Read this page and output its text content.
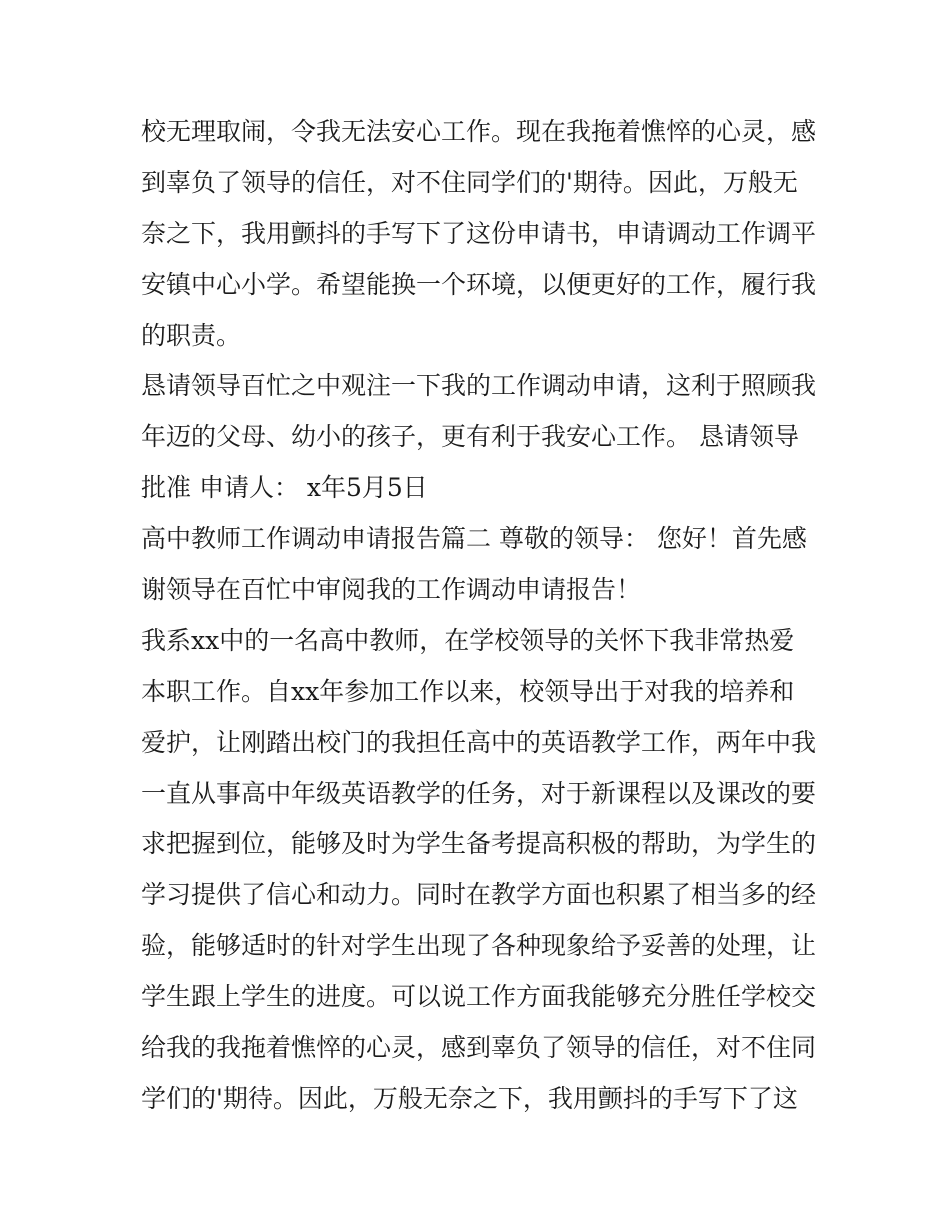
校无理取闹，令我无法安心工作。现在我拖着憔悴的心灵，感
到辜负了领导的信任，对不住同学们的'期待。因此，万般无
奈之下，我用颤抖的手写下了这份申请书，申请调动工作调平
安镇中心小学。希望能换一个环境，以便更好的工作，履行我
的职责。
恳请领导百忙之中观注一下我的工作调动申请，这利于照顾我
年迈的父母、幼小的孩子，更有利于我安心工作。 恳请领导
批准 申请人： x年5月5日
高中教师工作调动申请报告篇二 尊敬的领导： 您好！首先感
谢领导在百忙中审阅我的工作调动申请报告！
我系xx中的一名高中教师，在学校领导的关怀下我非常热爱
本职工作。自xx年参加工作以来，校领导出于对我的培养和
爱护，让刚踏出校门的我担任高中的英语教学工作，两年中我
一直从事高中年级英语教学的任务，对于新课程以及课改的要
求把握到位，能够及时为学生备考提高积极的帮助，为学生的
学习提供了信心和动力。同时在教学方面也积累了相当多的经
验，能够适时的针对学生出现了各种现象给予妥善的处理，让
学生跟上学生的进度。可以说工作方面我能够充分胜任学校交
给我的我拖着憔悴的心灵，感到辜负了领导的信任，对不住同
学们的'期待。因此，万般无奈之下，我用颤抖的手写下了这
